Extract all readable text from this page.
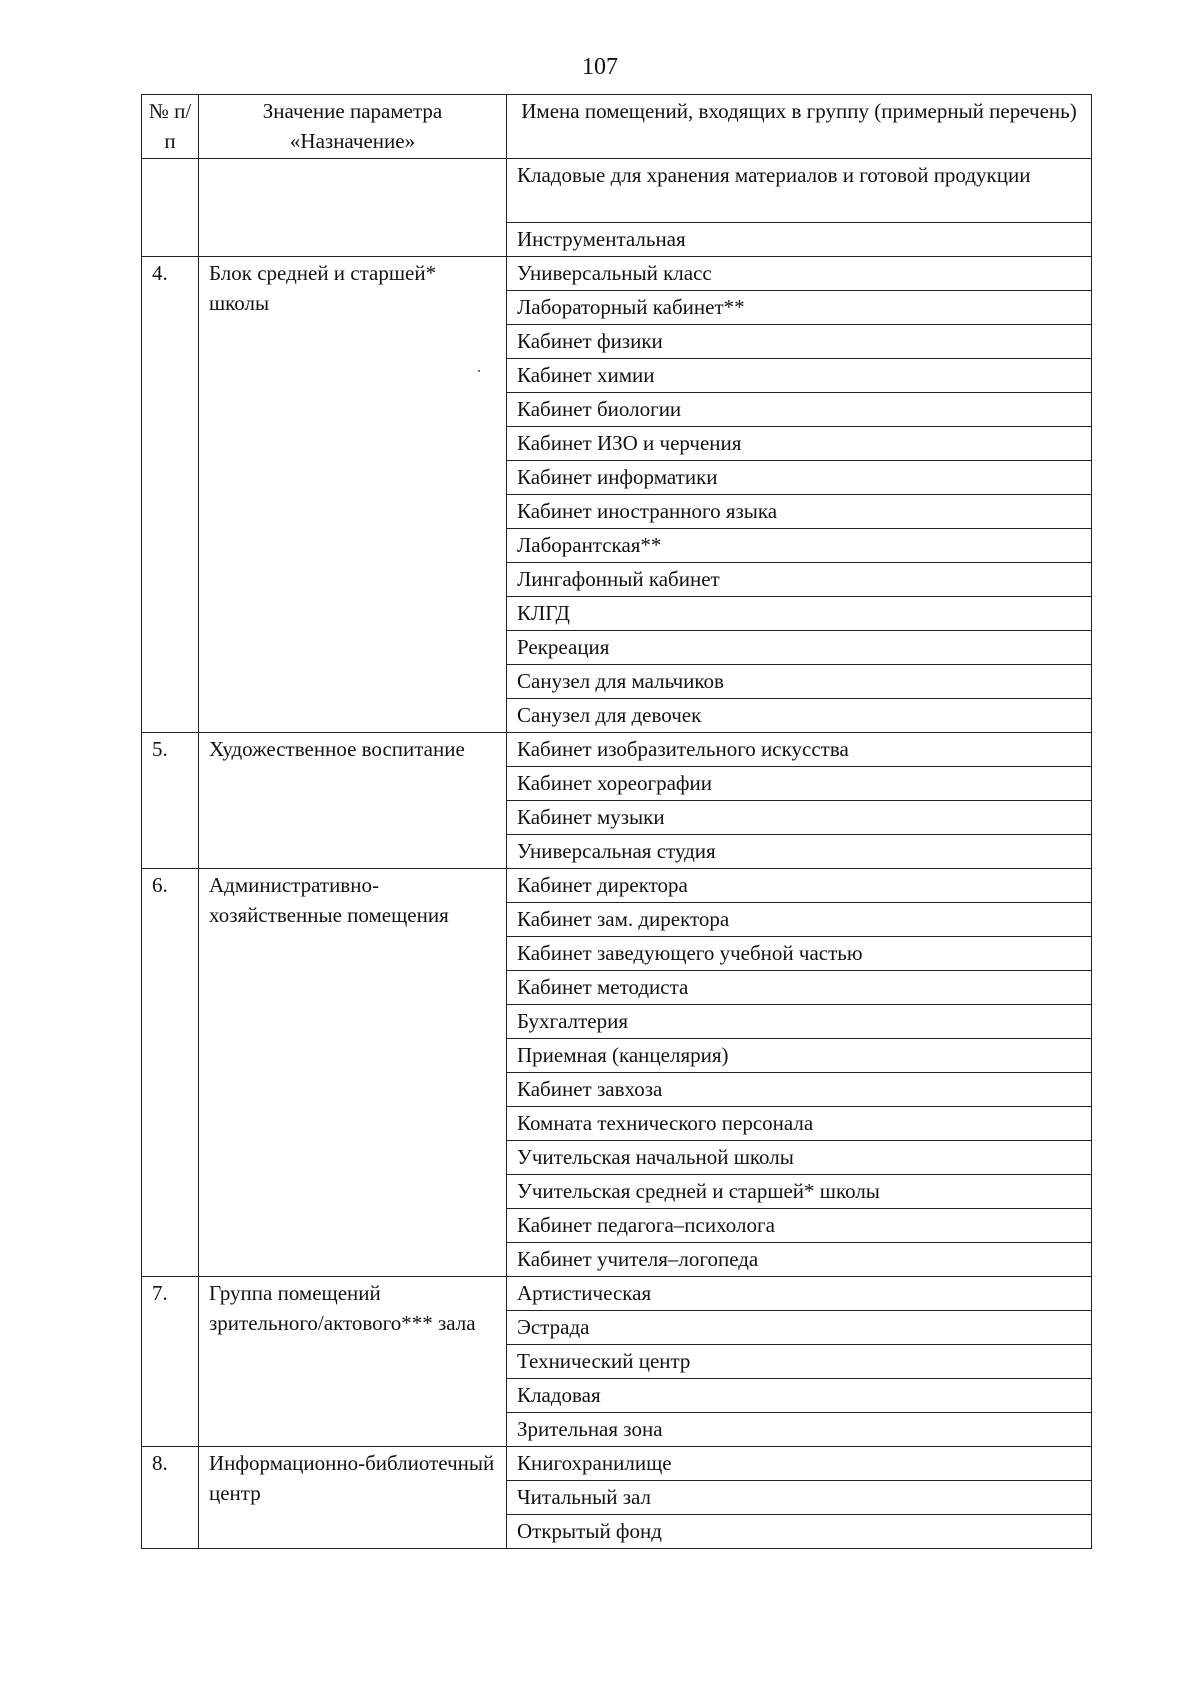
107
№ п/п	Значение параметра «Назначение»	Имена помещений, входящих в группу (примерный перечень)
		Кладовые для хранения материалов и готовой продукции
		Инструментальная
4.	Блок средней и старшей* школы	Универсальный класс
		Лабораторный кабинет**
		Кабинет физики
		Кабинет химии
		Кабинет биологии
		Кабинет ИЗО и черчения
		Кабинет информатики
		Кабинет иностранного языка
		Лаборантская**
		Лингафонный кабинет
		КЛГД
		Рекреация
		Санузел для мальчиков
		Санузел для девочек
5.	Художественное воспитание	Кабинет изобразительного искусства
		Кабинет хореографии
		Кабинет музыки
		Универсальная студия
6.	Административно-хозяйственные помещения	Кабинет директора
		Кабинет зам. директора
		Кабинет заведующего учебной частью
		Кабинет методиста
		Бухгалтерия
		Приемная (канцелярия)
		Кабинет завхоза
		Комната технического персонала
		Учительская начальной школы
		Учительская средней и старшей* школы
		Кабинет педагога–психолога
		Кабинет учителя–логопеда
7.	Группа помещений зрительного/актового*** зала	Артистическая
		Эстрада
		Технический центр
		Кладовая
		Зрительная зона
8.	Информационно-библиотечный центр	Книгохранилище
		Читальный зал
		Открытый фонд
